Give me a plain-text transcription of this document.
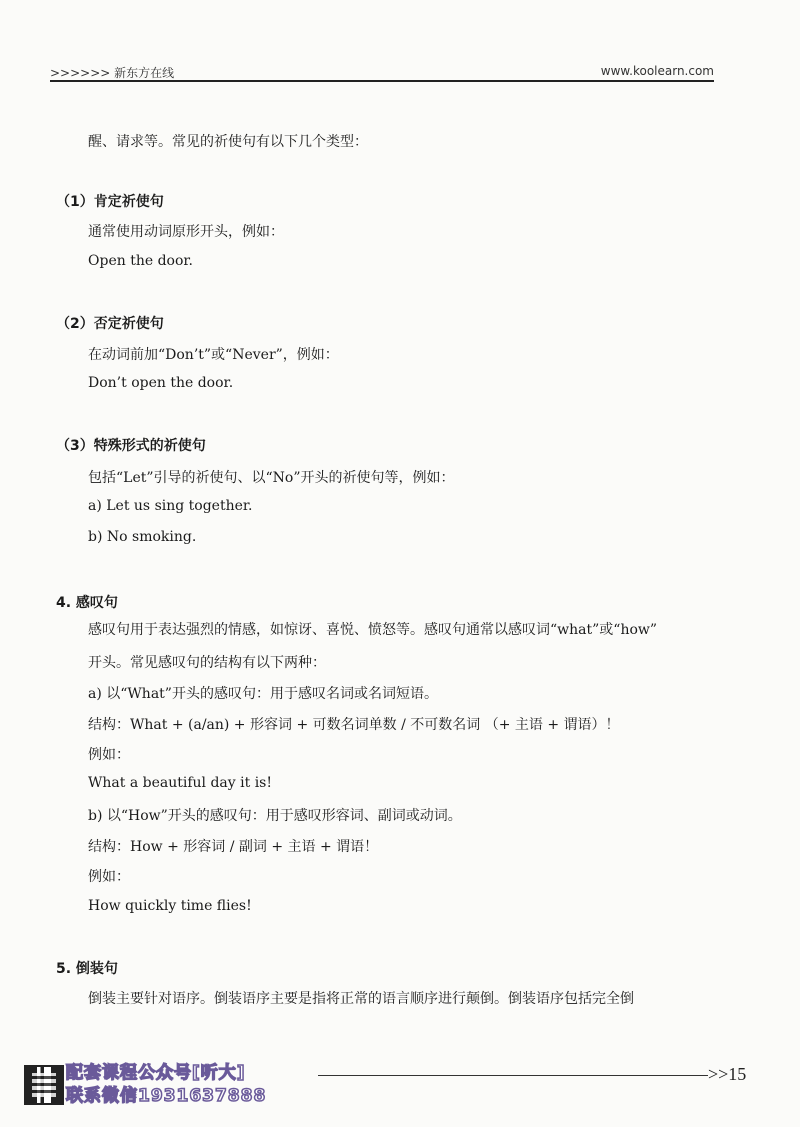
>>>>>> 新东方在线	www.koolearn.com
醒、请求等。常见的祈使句有以下几个类型：
（1）肯定祈使句
通常使用动词原形开头，例如：
Open the door.
（2）否定祈使句
在动词前加“Don’t”或“Never”，例如：
Don’t open the door.
（3）特殊形式的祈使句
包括“Let”引导的祈使句、以“No”开头的祈使句等，例如：
a) Let us sing together.
b) No smoking.
4. 感叹句
感叹句用于表达强烈的情感，如惊讶、喜悦、愤怒等。感叹句通常以感叹词“what”或“how”
开头。常见感叹句的结构有以下两种：
a) 以“What”开头的感叹句：用于感叹名词或名词短语。
结构：What + (a/an) + 形容词 + 可数名词单数 / 不可数名词 （+ 主语 + 谓语）！
例如：
What a beautiful day it is!
b) 以“How”开头的感叹句：用于感叹形容词、副词或动词。
结构：How + 形容词 / 副词 + 主语 + 谓语！
例如：
How quickly time flies!
5. 倒装句
倒装主要针对语序。倒装语序主要是指将正常的语言顺序进行颠倒。倒装语序包括完全倒
配套课程公众号[听大]
联系微信1931637888
>>15
